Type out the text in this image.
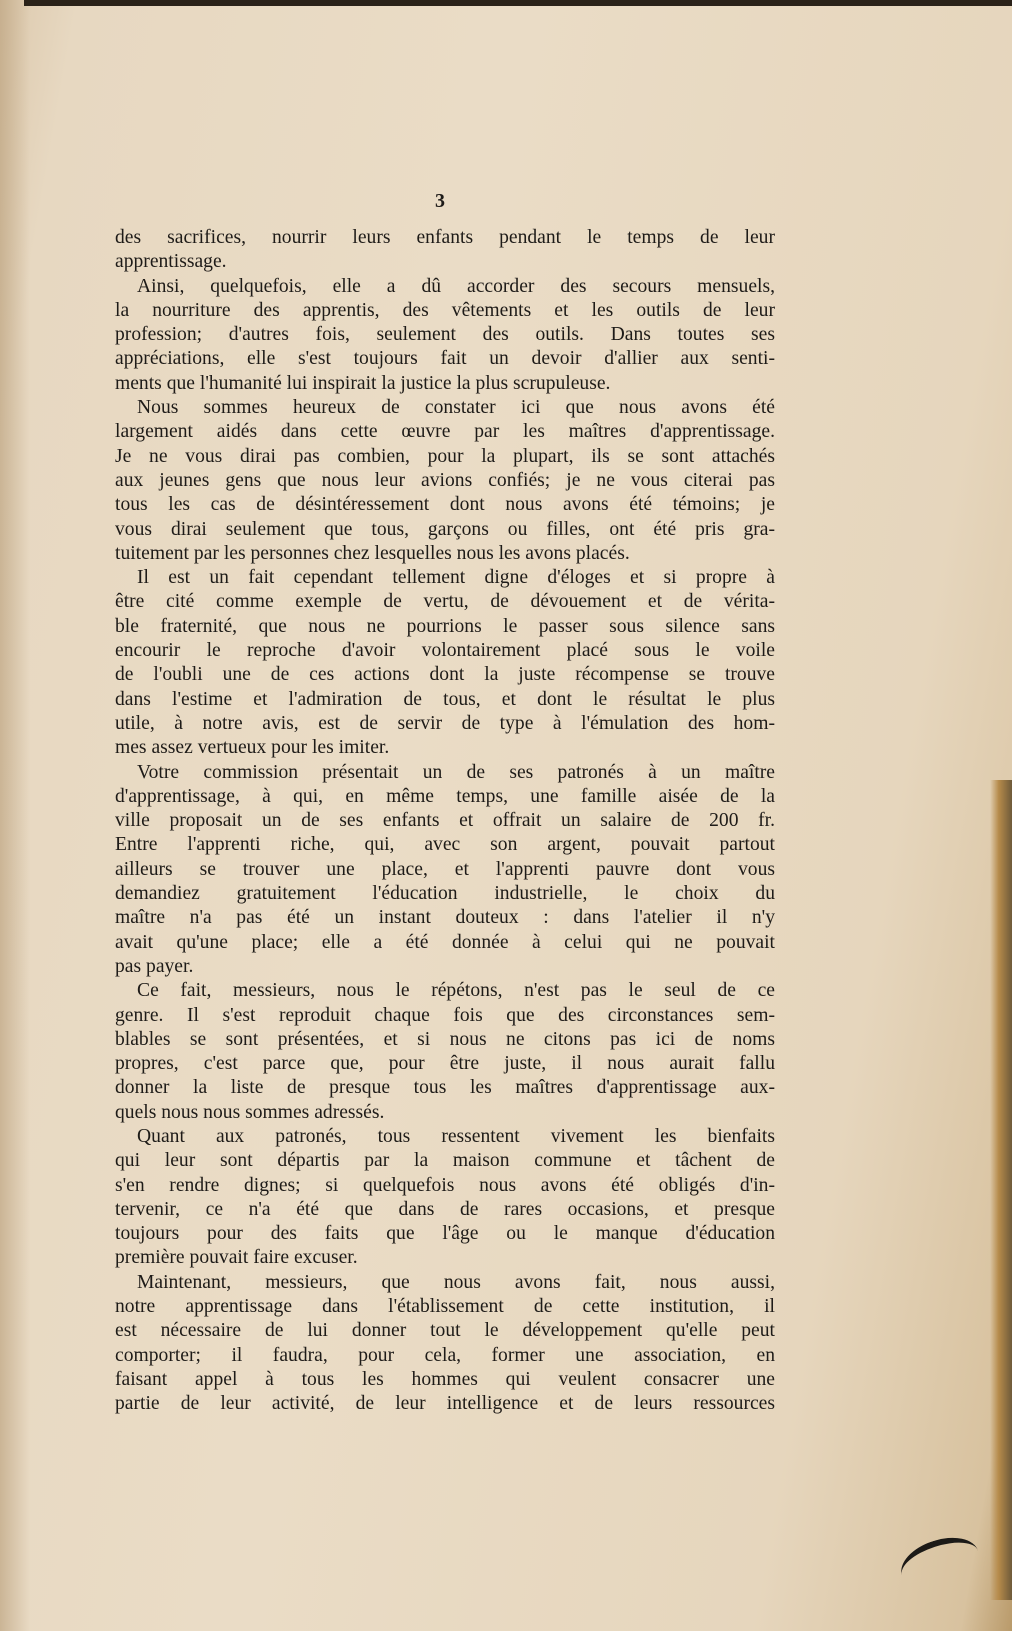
3
des sacrifices, nourrir leurs enfants pendant le temps de leur
apprentissage.
Ainsi, quelquefois, elle a dû accorder des secours mensuels,
la nourriture des apprentis, des vêtements et les outils de leur
profession; d'autres fois, seulement des outils. Dans toutes ses
appréciations, elle s'est toujours fait un devoir d'allier aux senti-
ments que l'humanité lui inspirait la justice la plus scrupuleuse.
Nous sommes heureux de constater ici que nous avons été
largement aidés dans cette œuvre par les maîtres d'apprentissage.
Je ne vous dirai pas combien, pour la plupart, ils se sont attachés
aux jeunes gens que nous leur avions confiés; je ne vous citerai pas
tous les cas de désintéressement dont nous avons été témoins; je
vous dirai seulement que tous, garçons ou filles, ont été pris gra-
tuitement par les personnes chez lesquelles nous les avons placés.
Il est un fait cependant tellement digne d'éloges et si propre à
être cité comme exemple de vertu, de dévouement et de vérita-
ble fraternité, que nous ne pourrions le passer sous silence sans
encourir le reproche d'avoir volontairement placé sous le voile
de l'oubli une de ces actions dont la juste récompense se trouve
dans l'estime et l'admiration de tous, et dont le résultat le plus
utile, à notre avis, est de servir de type à l'émulation des hom-
mes assez vertueux pour les imiter.
Votre commission présentait un de ses patronés à un maître
d'apprentissage, à qui, en même temps, une famille aisée de la
ville proposait un de ses enfants et offrait un salaire de 200 fr.
Entre l'apprenti riche, qui, avec son argent, pouvait partout
ailleurs se trouver une place, et l'apprenti pauvre dont vous
demandiez gratuitement l'éducation industrielle, le choix du
maître n'a pas été un instant douteux : dans l'atelier il n'y
avait qu'une place; elle a été donnée à celui qui ne pouvait
pas payer.
Ce fait, messieurs, nous le répétons, n'est pas le seul de ce
genre. Il s'est reproduit chaque fois que des circonstances sem-
blables se sont présentées, et si nous ne citons pas ici de noms
propres, c'est parce que, pour être juste, il nous aurait fallu
donner la liste de presque tous les maîtres d'apprentissage aux-
quels nous nous sommes adressés.
Quant aux patronés, tous ressentent vivement les bienfaits
qui leur sont départis par la maison commune et tâchent de
s'en rendre dignes; si quelquefois nous avons été obligés d'in-
tervenir, ce n'a été que dans de rares occasions, et presque
toujours pour des faits que l'âge ou le manque d'éducation
première pouvait faire excuser.
Maintenant, messieurs, que nous avons fait, nous aussi,
notre apprentissage dans l'établissement de cette institution, il
est nécessaire de lui donner tout le développement qu'elle peut
comporter; il faudra, pour cela, former une association, en
faisant appel à tous les hommes qui veulent consacrer une
partie de leur activité, de leur intelligence et de leurs ressources
